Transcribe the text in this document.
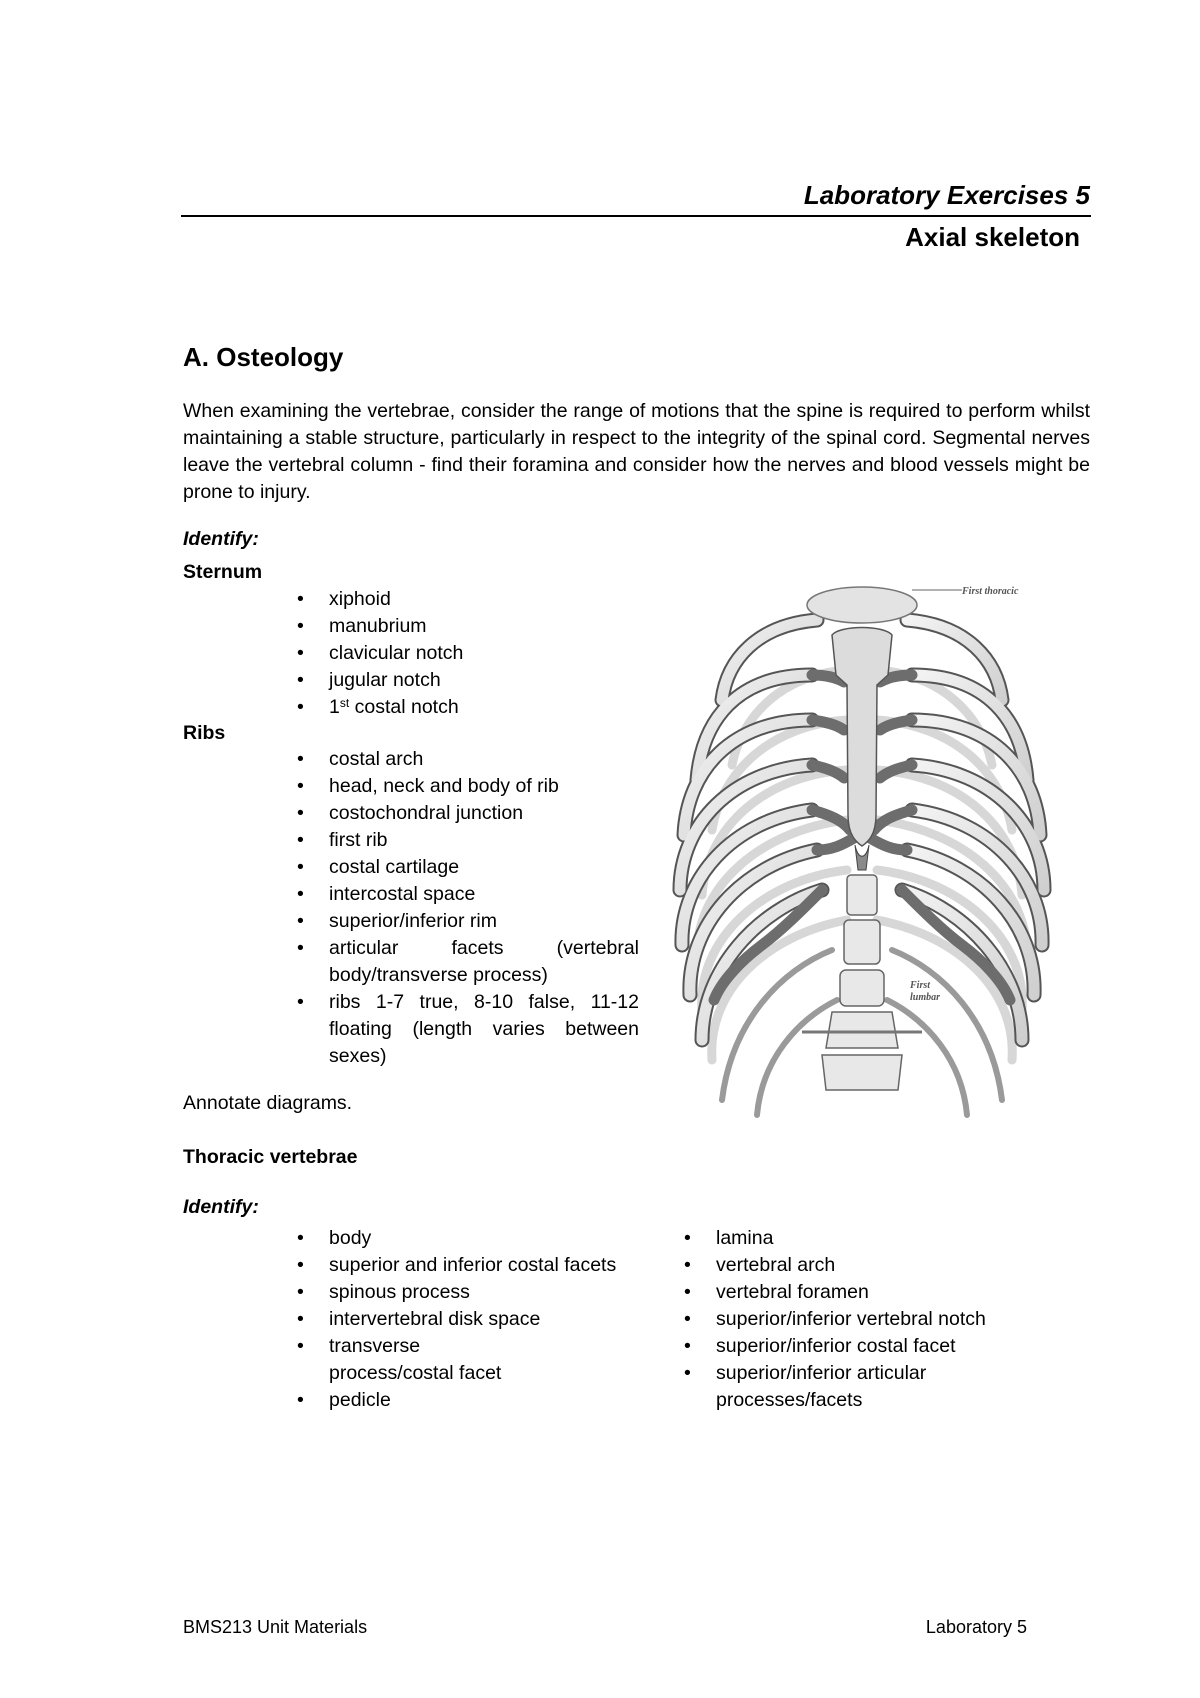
Laboratory Exercises 5
Axial skeleton
A. Osteology

When examining the vertebrae, consider the range of motions that the spine is required to perform whilst maintaining a stable structure, particularly in respect to the integrity of the spinal cord. Segmental nerves leave the vertebral column - find their foramina and consider how the nerves and blood vessels might be prone to injury.

Identify:
Sternum
• xiphoid
• manubrium
• clavicular notch
• jugular notch
• 1st costal notch
Ribs
• costal arch
• head, neck and body of rib
• costochondral junction
• first rib
• costal cartilage
• intercostal space
• superior/inferior rim
• articular facets (vertebral body/transverse process)
• ribs 1-7 true, 8-10 false, 11-12 floating (length varies between sexes)
Annotate diagrams.
First thoracic
First
lumbar
Thoracic vertebrae
Identify:
• body
• superior and inferior costal facets
• spinous process
• intervertebral disk space
• transverse process/costal facet
• pedicle
• lamina
• vertebral arch
• vertebral foramen
• superior/inferior vertebral notch
• superior/inferior costal facet
• superior/inferior articular processes/facets
BMS213 Unit Materials	Laboratory 5
